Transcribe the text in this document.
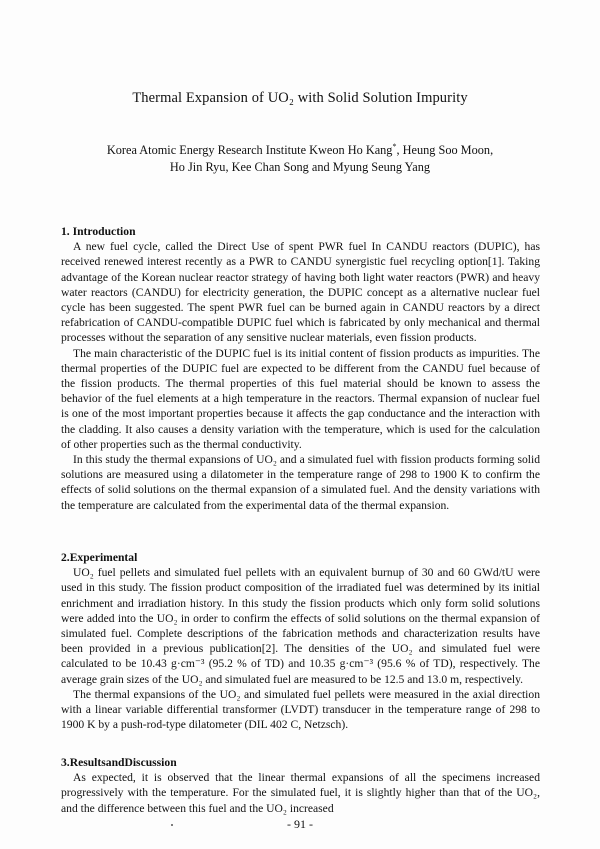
Thermal Expansion of UO₂ with Solid Solution Impurity
Korea Atomic Energy Research Institute Kweon Ho Kang*, Heung Soo Moon,
Ho Jin Ryu, Kee Chan Song and Myung Seung Yang
1. Introduction

A new fuel cycle, called the Direct Use of spent PWR fuel In CANDU reactors (DUPIC), has received renewed interest recently as a PWR to CANDU synergistic fuel recycling option[1]. Taking advantage of the Korean nuclear reactor strategy of having both light water reactors (PWR) and heavy water reactors (CANDU) for electricity generation, the DUPIC concept as a alternative nuclear fuel cycle has been suggested. The spent PWR fuel can be burned again in CANDU reactors by a direct refabrication of CANDU-compatible DUPIC fuel which is fabricated by only mechanical and thermal processes without the separation of any sensitive nuclear materials, even fission products.

The main characteristic of the DUPIC fuel is its initial content of fission products as impurities. The thermal properties of the DUPIC fuel are expected to be different from the CANDU fuel because of the fission products. The thermal properties of this fuel material should be known to assess the behavior of the fuel elements at a high temperature in the reactors. Thermal expansion of nuclear fuel is one of the most important properties because it affects the gap conductance and the interaction with the cladding. It also causes a density variation with the temperature, which is used for the calculation of other properties such as the thermal conductivity.

In this study the thermal expansions of UO₂ and a simulated fuel with fission products forming solid solutions are measured using a dilatometer in the temperature range of 298 to 1900 K to confirm the effects of solid solutions on the thermal expansion of a simulated fuel. And the density variations with the temperature are calculated from the experimental data of the thermal expansion.

2.Experimental

UO₂ fuel pellets and simulated fuel pellets with an equivalent burnup of 30 and 60 GWd/tU were used in this study. The fission product composition of the irradiated fuel was determined by its initial enrichment and irradiation history. In this study the fission products which only form solid solutions were added into the UO₂ in order to confirm the effects of solid solutions on the thermal expansion of simulated fuel. Complete descriptions of the fabrication methods and characterization results have been provided in a previous publication[2]. The densities of the UO₂ and simulated fuel were calculated to be 10.43 g·cm⁻³ (95.2 % of TD) and 10.35 g·cm⁻³ (95.6 % of TD), respectively. The average grain sizes of the UO₂ and simulated fuel are measured to be 12.5 and 13.0 m, respectively.

The thermal expansions of the UO₂ and simulated fuel pellets were measured in the axial direction with a linear variable differential transformer (LVDT) transducer in the temperature range of 298 to 1900 K by a push-rod-type dilatometer (DIL 402 C, Netzsch).

3.ResultsandDiscussion

As expected, it is observed that the linear thermal expansions of all the specimens increased progressively with the temperature. For the simulated fuel, it is slightly higher than that of the UO₂, and the difference between this fuel and the UO₂ increased

- 91 -
